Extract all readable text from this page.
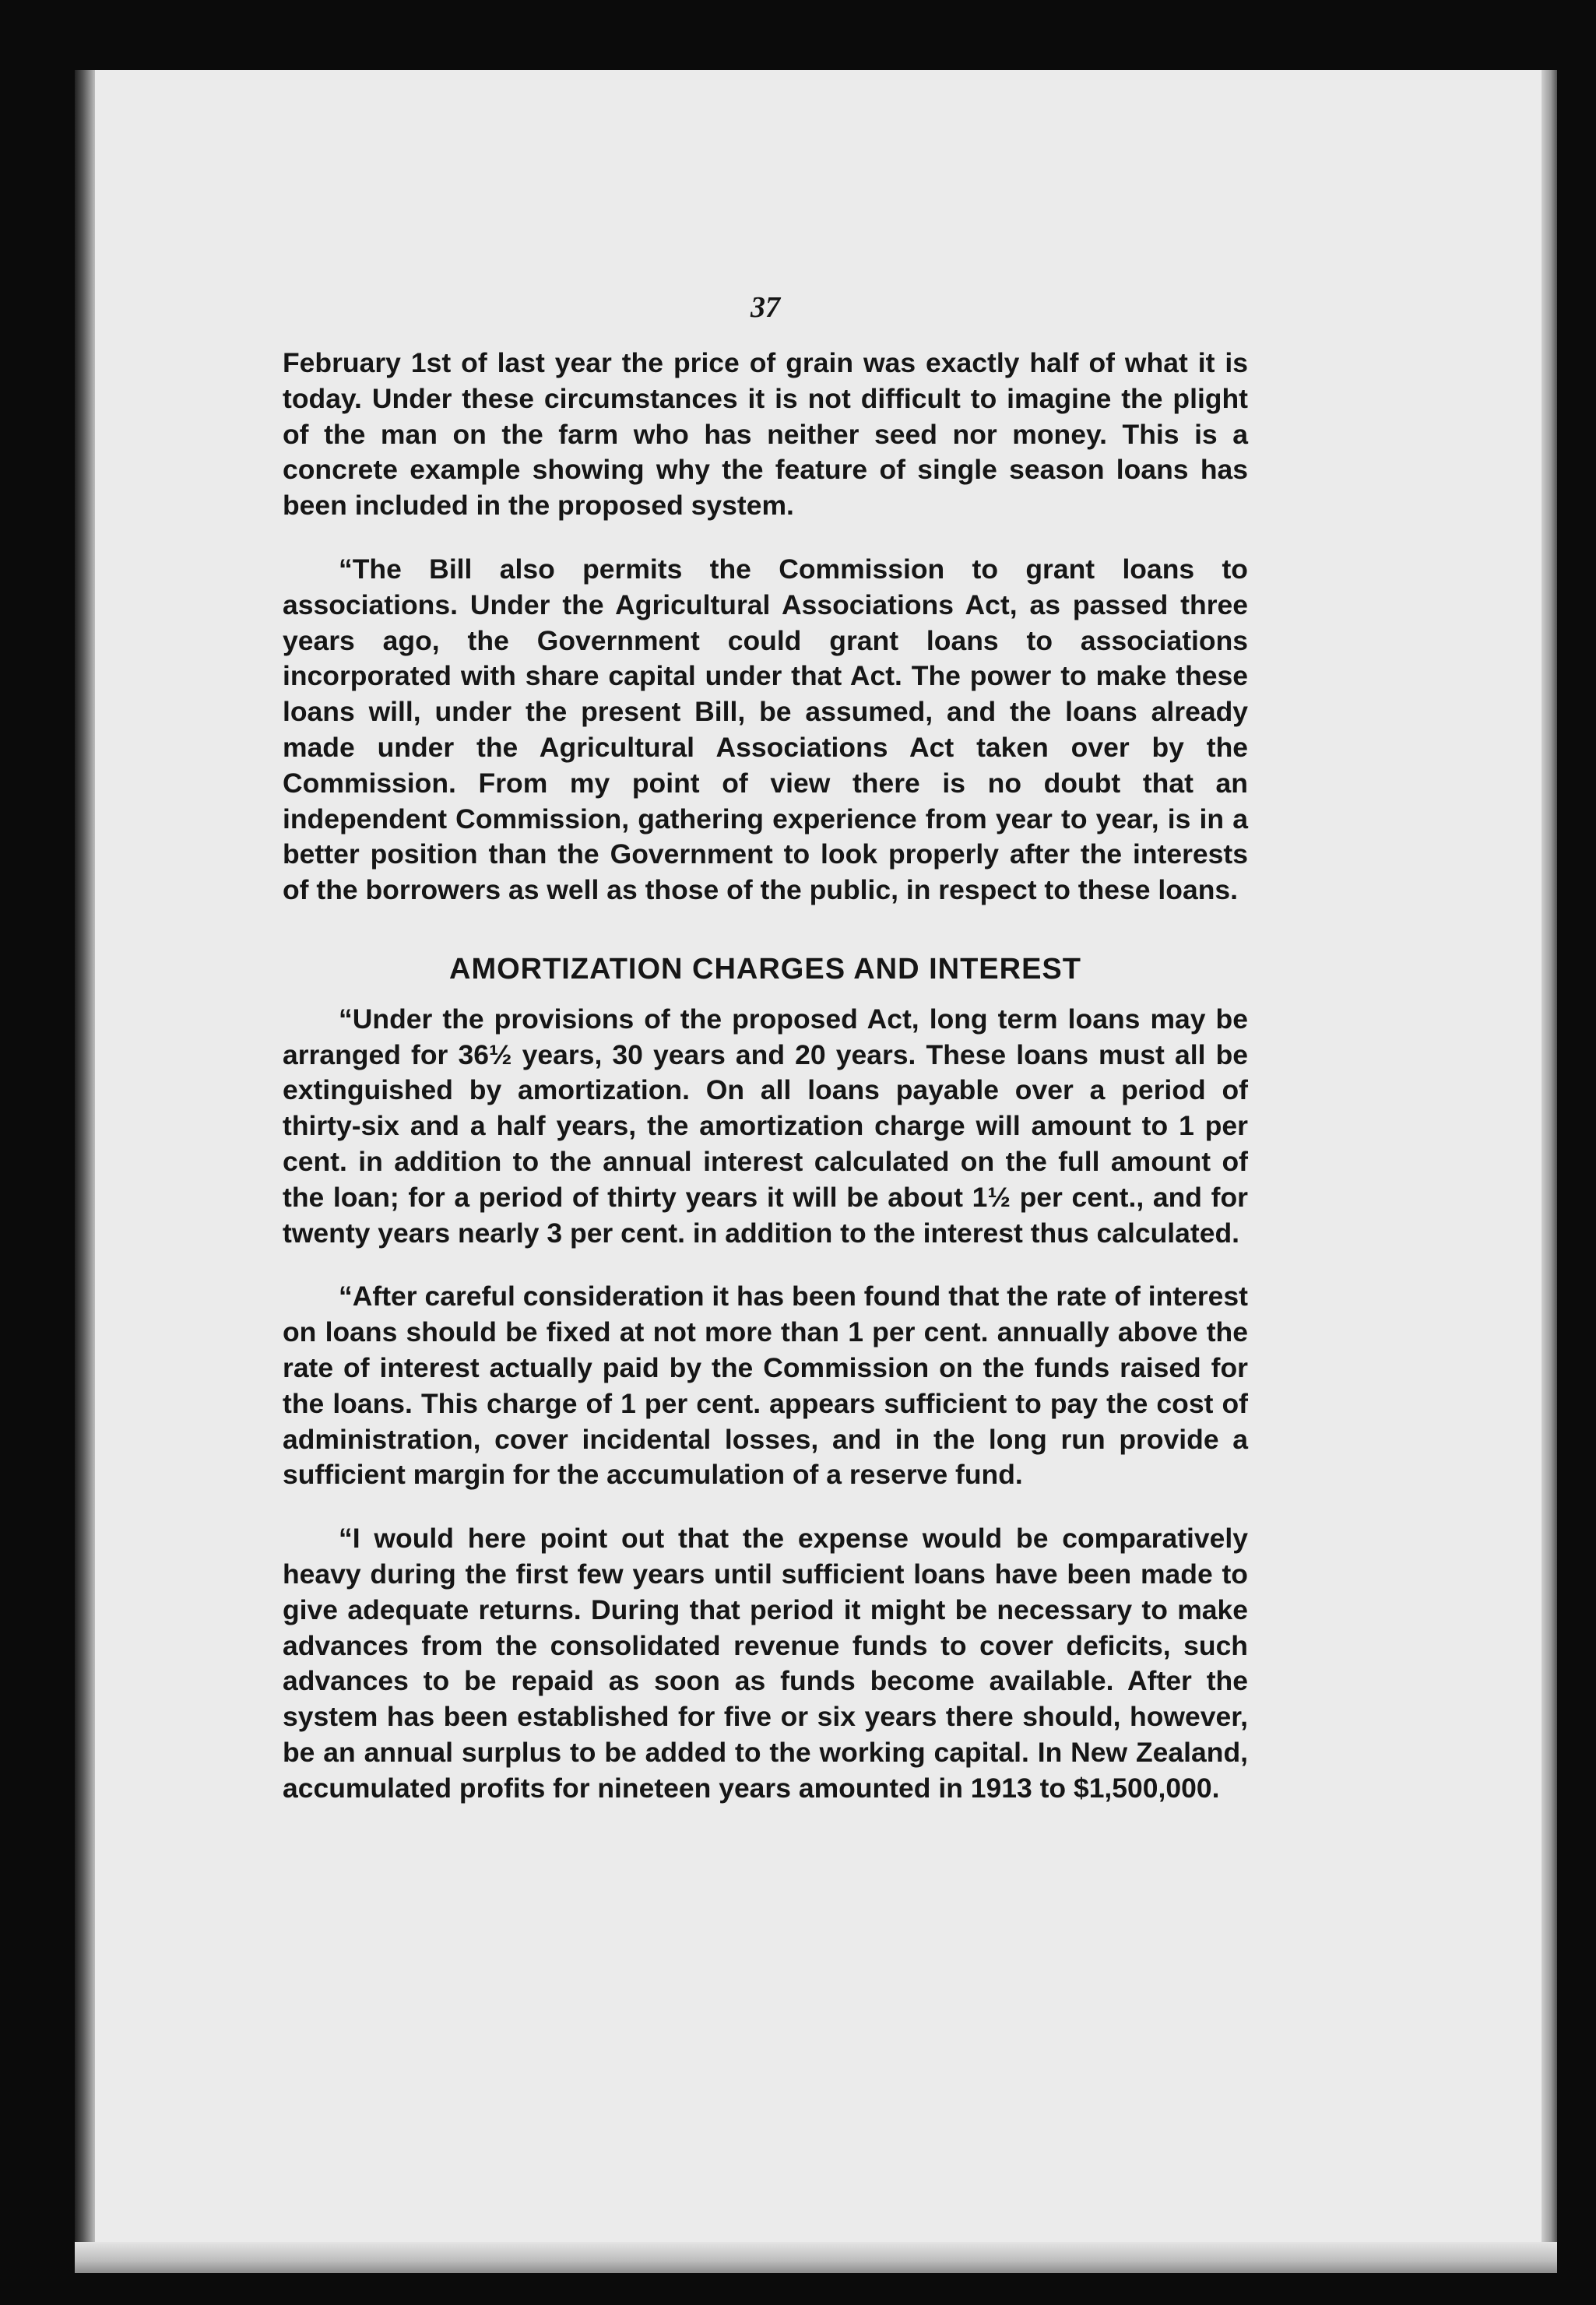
37

February 1st of last year the price of grain was exactly half of what it is today. Under these circumstances it is not difficult to imagine the plight of the man on the farm who has neither seed nor money. This is a concrete example showing why the feature of single season loans has been included in the proposed system.

“The Bill also permits the Commission to grant loans to associations. Under the Agricultural Associations Act, as passed three years ago, the Government could grant loans to associations incorporated with share capital under that Act. The power to make these loans will, under the present Bill, be assumed, and the loans already made under the Agricultural Associations Act taken over by the Commission. From my point of view there is no doubt that an independent Commission, gathering experience from year to year, is in a better position than the Government to look properly after the interests of the borrowers as well as those of the public, in respect to these loans.

AMORTIZATION CHARGES AND INTEREST

“Under the provisions of the proposed Act, long term loans may be arranged for 36½ years, 30 years and 20 years. These loans must all be extinguished by amortization. On all loans payable over a period of thirty-six and a half years, the amortization charge will amount to 1 per cent. in addition to the annual interest calculated on the full amount of the loan; for a period of thirty years it will be about 1½ per cent., and for twenty years nearly 3 per cent. in addition to the interest thus calculated.

“After careful consideration it has been found that the rate of interest on loans should be fixed at not more than 1 per cent. annually above the rate of interest actually paid by the Commission on the funds raised for the loans. This charge of 1 per cent. appears sufficient to pay the cost of administration, cover incidental losses, and in the long run provide a sufficient margin for the accumulation of a reserve fund.

“I would here point out that the expense would be comparatively heavy during the first few years until sufficient loans have been made to give adequate returns. During that period it might be necessary to make advances from the consolidated revenue funds to cover deficits, such advances to be repaid as soon as funds become available. After the system has been established for five or six years there should, however, be an annual surplus to be added to the working capital. In New Zealand, accumulated profits for nineteen years amounted in 1913 to $1,500,000.
